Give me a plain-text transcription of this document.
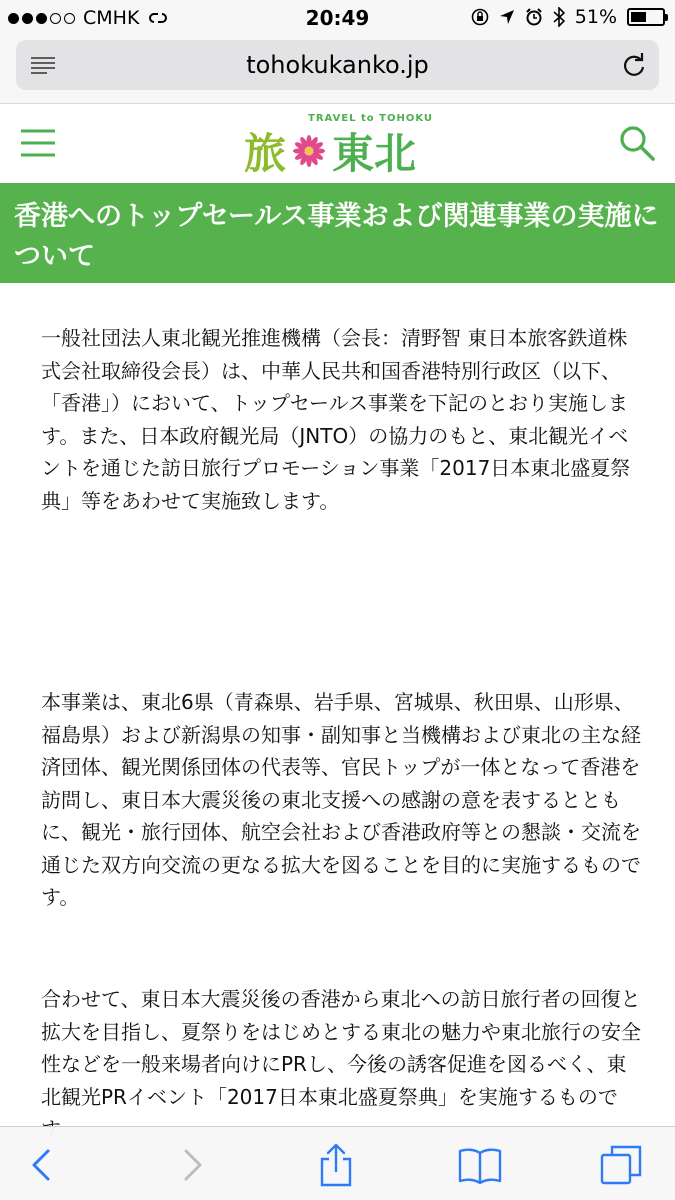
CMHK	20:49	51%
tohokukanko.jp
TRAVEL to TOHOKU
旅 東北
香港へのトップセールス事業および関連事業の実施について

一般社団法人東北観光推進機構（会長：清野智 東日本旅客鉄道株式会社取締役会長）は、中華人民共和国香港特別行政区（以下、「香港」）において、トップセールス事業を下記のとおり実施します。また、日本政府観光局（JNTO）の協力のもと、東北観光イベントを通じた訪日旅行プロモーション事業「2017日本東北盛夏祭典」等をあわせて実施致します。

本事業は、東北6県（青森県、岩手県、宮城県、秋田県、山形県、福島県）および新潟県の知事・副知事と当機構および東北の主な経済団体、観光関係団体の代表等、官民トップが一体となって香港を訪問し、東日本大震災後の東北支援への感謝の意を表するとともに、観光・旅行団体、航空会社および香港政府等との懇談・交流を通じた双方向交流の更なる拡大を図ることを目的に実施するものです。

合わせて、東日本大震災後の香港から東北への訪日旅行者の回復と拡大を目指し、夏祭りをはじめとする東北の魅力や東北旅行の安全性などを一般来場者向けにPRし、今後の誘客促進を図るべく、東北観光PRイベント「2017日本東北盛夏祭典」を実施するもので
